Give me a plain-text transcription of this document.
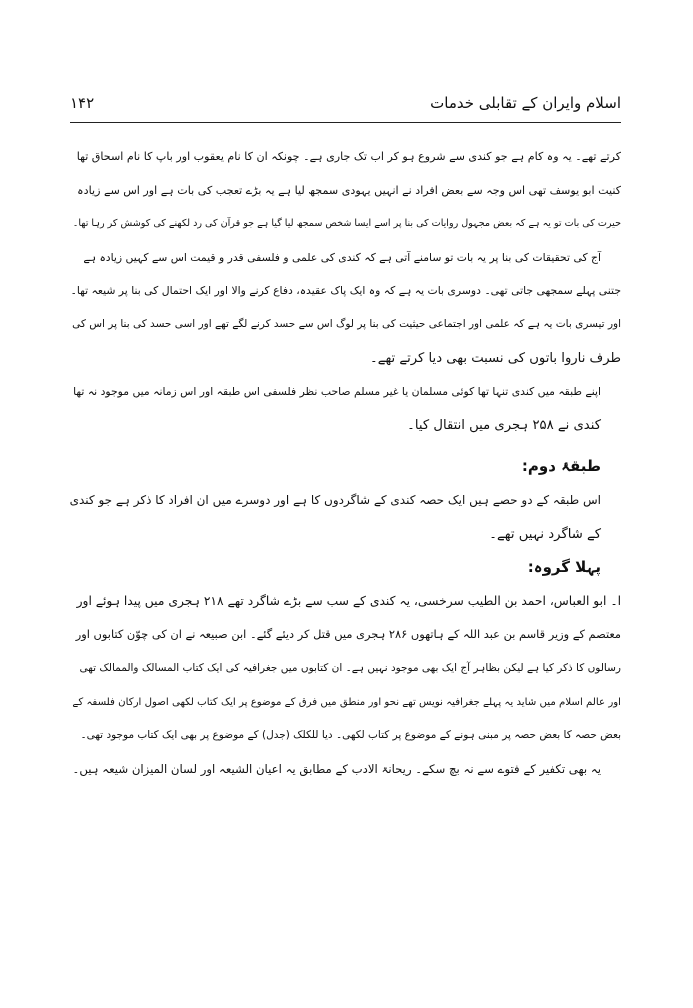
اسلام وایران کے تقابلی خدمات
۱۴۲
کرتے تھے۔ یہ وہ کام ہے جو کندی سے شروع ہو کر اب تک جاری ہے۔ چونکہ ان کا نام یعقوب اور باپ کا نام اسحاق تھا
کنیت ابو یوسف تھی اس وجہ سے بعض افراد نے انہیں یہودی سمجھ لیا ہے یہ بڑے تعجب کی بات ہے اور اس سے زیادہ
حیرت کی بات تو یہ ہے کہ بعض مجہول روایات کی بنا پر اسے ایسا شخص سمجھ لیا گیا ہے جو قرآن کی رد لکھنے کی کوشش کر رہا تھا۔
آج کی تحقیقات کی بنا پر یہ بات تو سامنے آتی ہے کہ کندی کی علمی و فلسفی قدر و قیمت اس سے کہیں زیادہ ہے
جتنی پہلے سمجھی جاتی تھی۔ دوسری بات یہ ہے کہ وہ ایک پاک عقیدہ، دفاع کرنے والا اور ایک احتمال کی بنا پر شیعہ تھا۔
اور تیسری بات یہ ہے کہ علمی اور اجتماعی حیثیت کی بنا پر لوگ اس سے حسد کرنے لگے تھے اور اسی حسد کی بنا پر اس کی
طرف ناروا باتوں کی نسبت بھی دیا کرتے تھے۔
اپنے طبقہ میں کندی تنہا تھا کوئی مسلمان یا غیر مسلم صاحب نظر فلسفی اس طبقہ اور اس زمانہ میں موجود نہ تھا
کندی نے ۲۵۸ ہجری میں انتقال کیا۔
طبقۂ دوم:
اس طبقہ کے دو حصے ہیں ایک حصہ کندی کے شاگردوں کا ہے اور دوسرے میں ان افراد کا ذکر ہے جو کندی
کے شاگرد نہیں تھے۔
پہلا گروہ:
ا۔ ابو العباس، احمد بن الطیب سرخسی، یہ کندی کے سب سے بڑے شاگرد تھے ۲۱۸ ہجری میں پیدا ہوئے اور
معتصم کے وزیر قاسم بن عبد اللہ کے ہاتھوں ۲۸۶ ہجری میں قتل کر دیئے گئے۔ ابن صبیعہ نے ان کی چوّن کتابوں اور
رسالوں کا ذکر کیا ہے لیکن بظاہر آج ایک بھی موجود نہیں ہے۔ ان کتابوں میں جغرافیہ کی ایک کتاب المسالک والممالک تھی
اور عالم اسلام میں شاید یہ پہلے جغرافیہ نویس تھے نحو اور منطق میں فرق کے موضوع پر ایک کتاب لکھی اصول ارکان فلسفہ کے
بعض حصہ کا بعض حصہ پر مبنی ہونے کے موضوع پر کتاب لکھی۔ دیا للکلک (جدل) کے موضوع پر بھی ایک کتاب موجود تھی۔
یہ بھی تکفیر کے فتوے سے نہ بچ سکے۔ ریحانۃ الادب کے مطابق یہ اعیان الشیعہ اور لسان المیزان شیعہ ہیں۔
